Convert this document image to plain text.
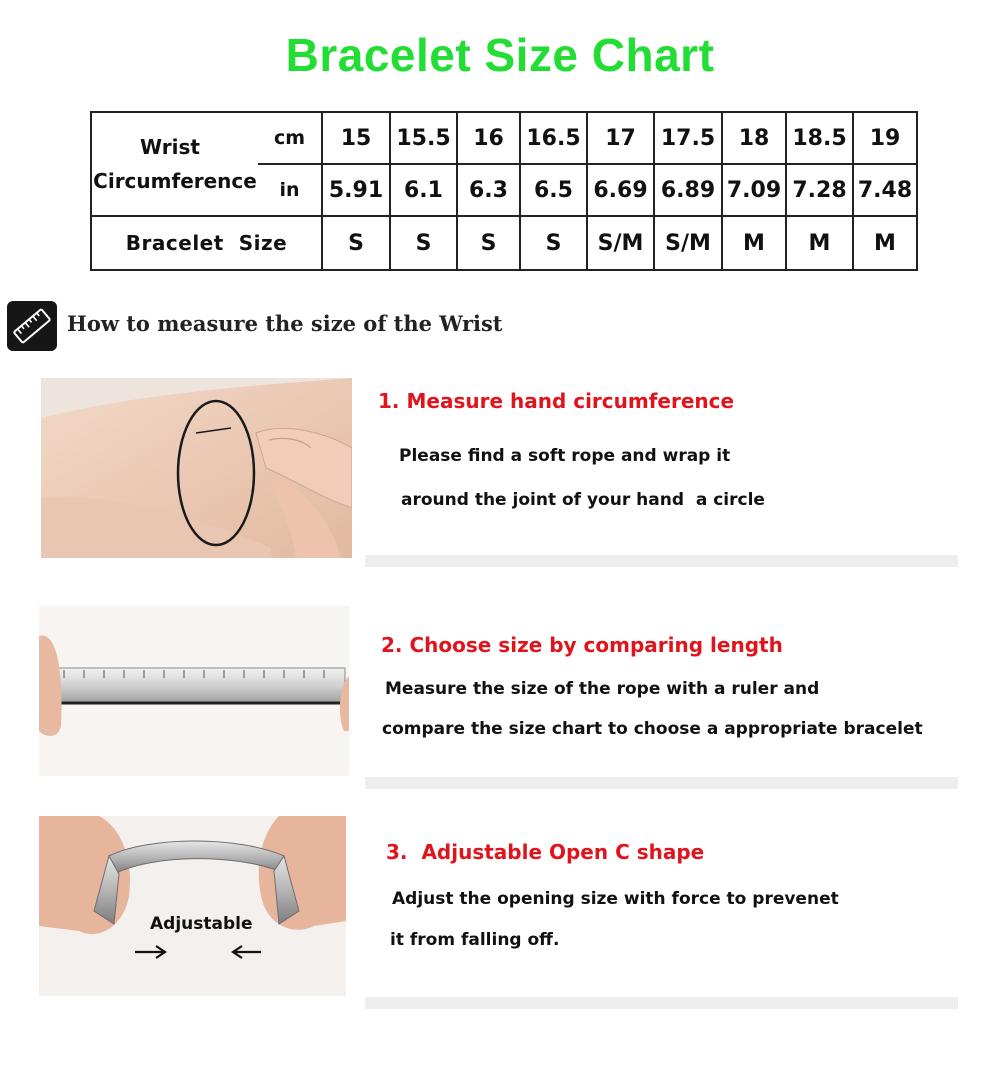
Bracelet Size Chart
Wrist
Circumference	cm	15	15.5	16	16.5	17	17.5	18	18.5	19
	in	5.91	6.1	6.3	6.5	6.69	6.89	7.09	7.28	7.48
Bracelet  Size		S	S	S	S	S/M	S/M	M	M	M
How to measure the size of the Wrist
1. Measure hand circumference
Please find a soft rope and wrap it
around the joint of your hand  a circle
2. Choose size by comparing length
Measure the size of the rope with a ruler and
compare the size chart to choose a appropriate bracelet
Adjustable
3.  Adjustable Open C shape
Adjust the opening size with force to prevenet
it from falling off.
